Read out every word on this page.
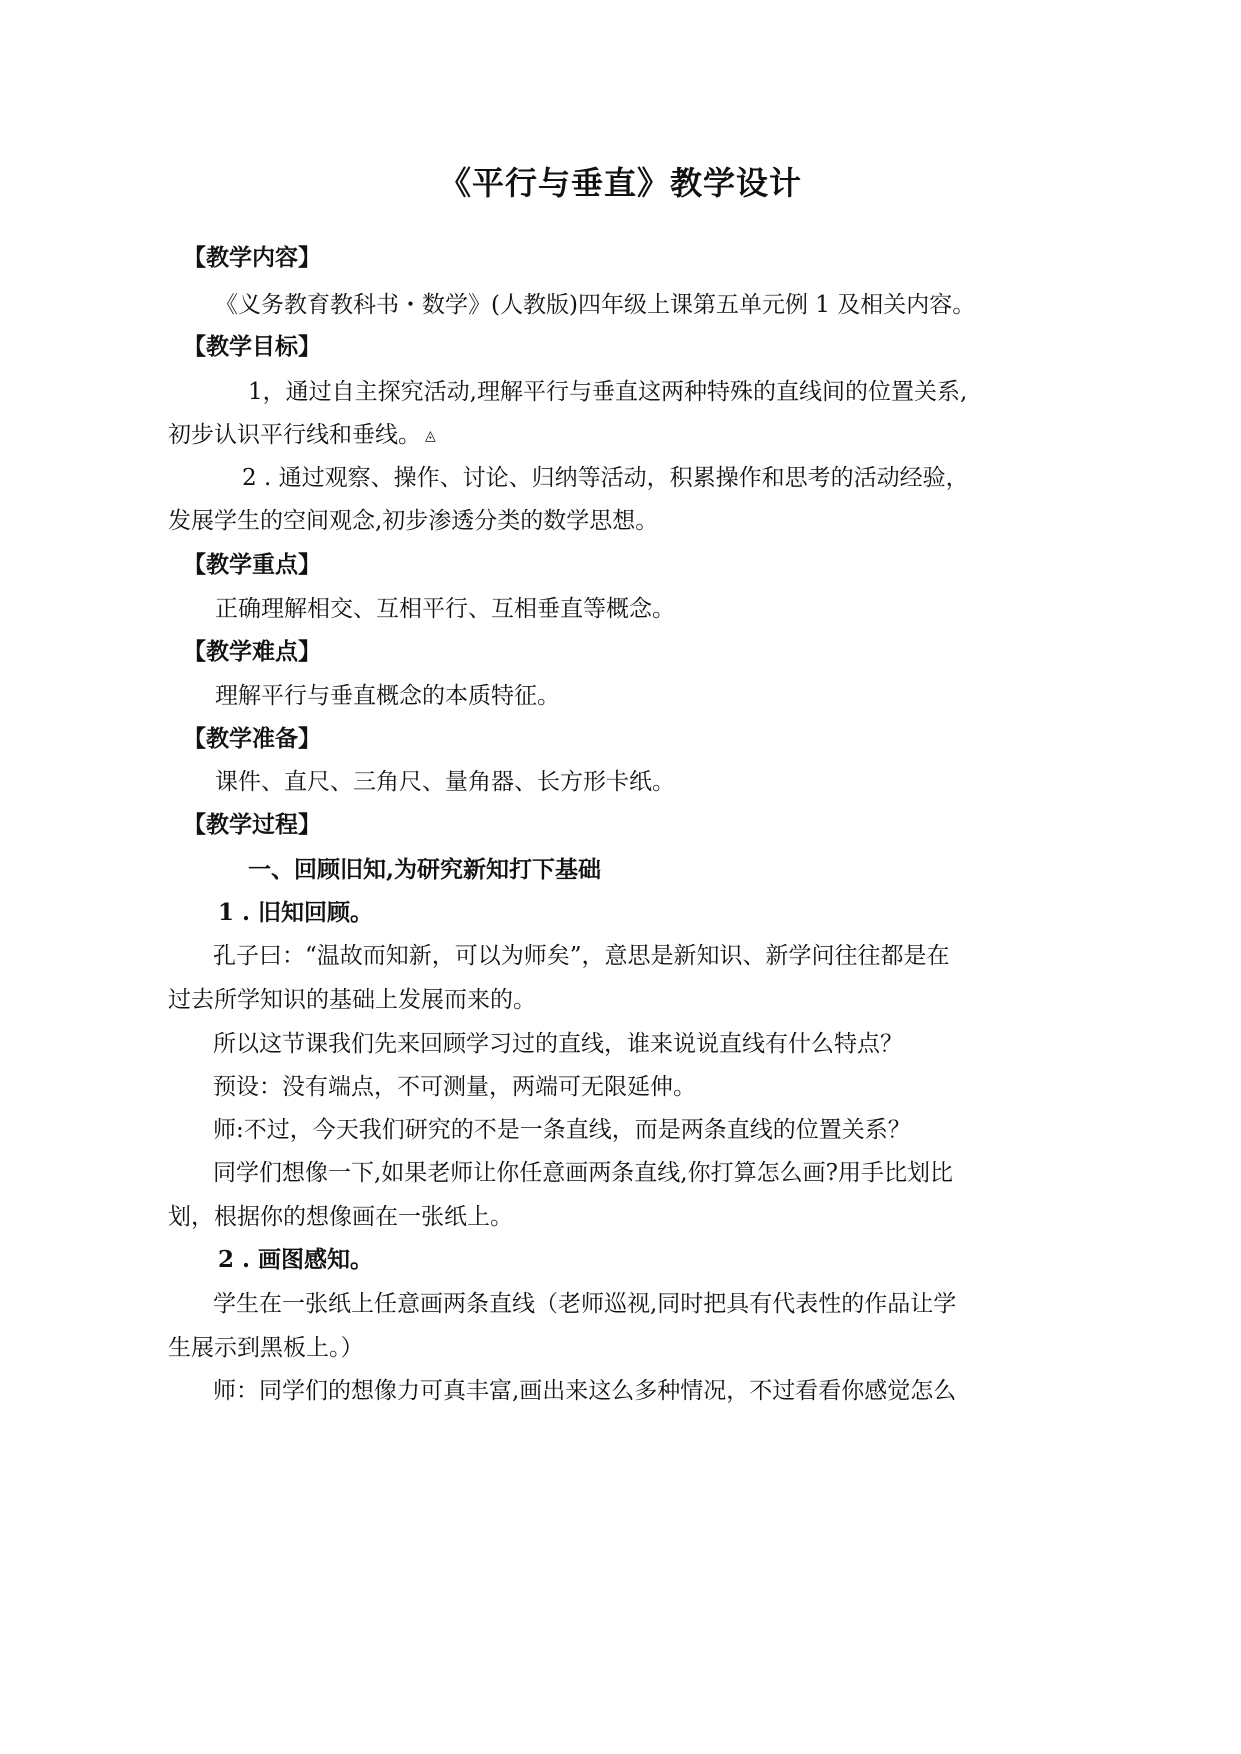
《平行与垂直》教学设计
【教学内容】
《义务教育教科书・数学》(人教版)四年级上课第五单元例 1 及相关内容。
【教学目标】
1，通过自主探究活动,理解平行与垂直这两种特殊的直线间的位置关系,
初步认识平行线和垂线。 ◬
2 . 通过观察、操作、讨论、归纳等活动，积累操作和思考的活动经验，
发展学生的空间观念,初步渗透分类的数学思想。
【教学重点】
正确理解相交、互相平行、互相垂直等概念。
【教学难点】
理解平行与垂直概念的本质特征。
【教学准备】
课件、直尺、三角尺、量角器、长方形卡纸。
【教学过程】
一、回顾旧知,为研究新知打下基础
1 . 旧知回顾。
孔子曰：“温故而知新，可以为师矣”，意思是新知识、新学问往往都是在
过去所学知识的基础上发展而来的。
所以这节课我们先来回顾学习过的直线，谁来说说直线有什么特点？
预设：没有端点，不可测量，两端可无限延伸。
师:不过，今天我们研究的不是一条直线，而是两条直线的位置关系？
同学们想像一下,如果老师让你任意画两条直线,你打算怎么画?用手比划比
划，根据你的想像画在一张纸上。
2 . 画图感知。
学生在一张纸上任意画两条直线（老师巡视,同时把具有代表性的作品让学
生展示到黑板上。）
师：同学们的想像力可真丰富,画出来这么多种情况，不过看看你感觉怎么
